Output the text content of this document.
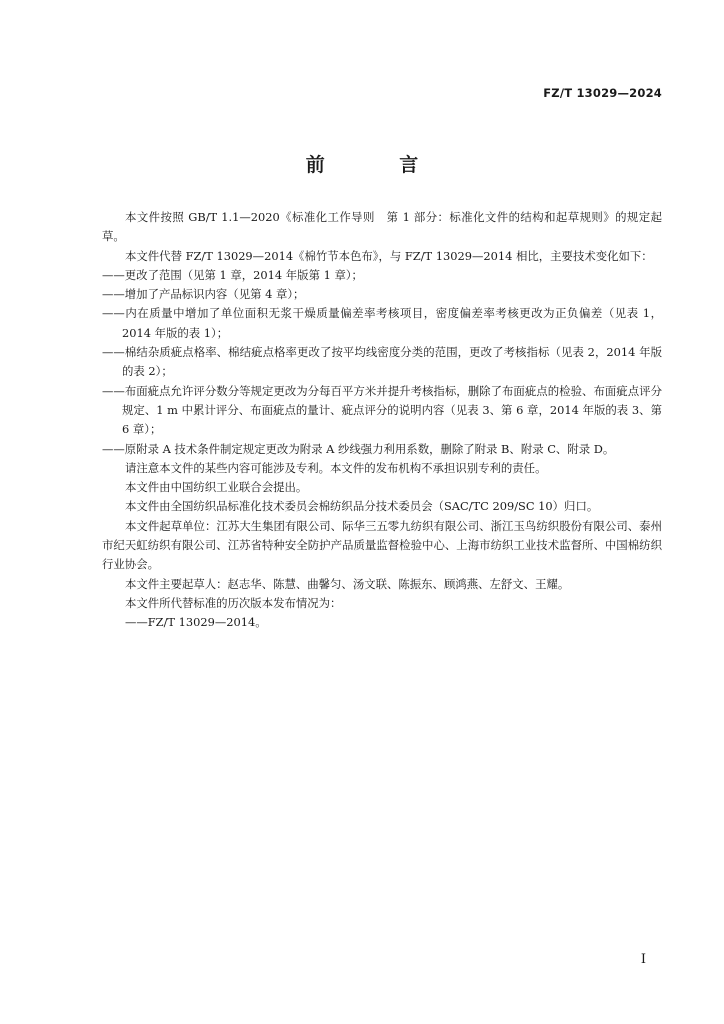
FZ/T 13029—2024
前 言

本文件按照 GB/T 1.1—2020《标准化工作导则　第 1 部分：标准化文件的结构和起草规则》的规定起草。

本文件代替 FZ/T 13029—2014《棉竹节本色布》，与 FZ/T 13029—2014 相比，主要技术变化如下：

——更改了范围（见第 1 章，2014 年版第 1 章）；

——增加了产品标识内容（见第 4 章）；

——内在质量中增加了单位面积无浆干燥质量偏差率考核项目，密度偏差率考核更改为正负偏差（见表 1，2014 年版的表 1）；

——棉结杂质疵点格率、棉结疵点格率更改了按平均线密度分类的范围，更改了考核指标（见表 2，2014 年版的表 2）；

——布面疵点允许评分数分等规定更改为分每百平方米并提升考核指标，删除了布面疵点的检验、布面疵点评分规定、1 m 中累计评分、布面疵点的量计、疵点评分的说明内容（见表 3、第 6 章，2014 年版的表 3、第 6 章）；

——原附录 A 技术条件制定规定更改为附录 A 纱线强力利用系数，删除了附录 B、附录 C、附录 D。

请注意本文件的某些内容可能涉及专利。本文件的发布机构不承担识别专利的责任。

本文件由中国纺织工业联合会提出。

本文件由全国纺织品标准化技术委员会棉纺织品分技术委员会（SAC/TC 209/SC 10）归口。

本文件起草单位：江苏大生集团有限公司、际华三五零九纺织有限公司、浙江玉鸟纺织股份有限公司、泰州市纪天虹纺织有限公司、江苏省特种安全防护产品质量监督检验中心、上海市纺织工业技术监督所、中国棉纺织行业协会。

本文件主要起草人：赵志华、陈慧、曲馨匀、汤文联、陈振东、顾鸿燕、左舒文、王耀。

本文件所代替标准的历次版本发布情况为：

——FZ/T 13029—2014。

I
